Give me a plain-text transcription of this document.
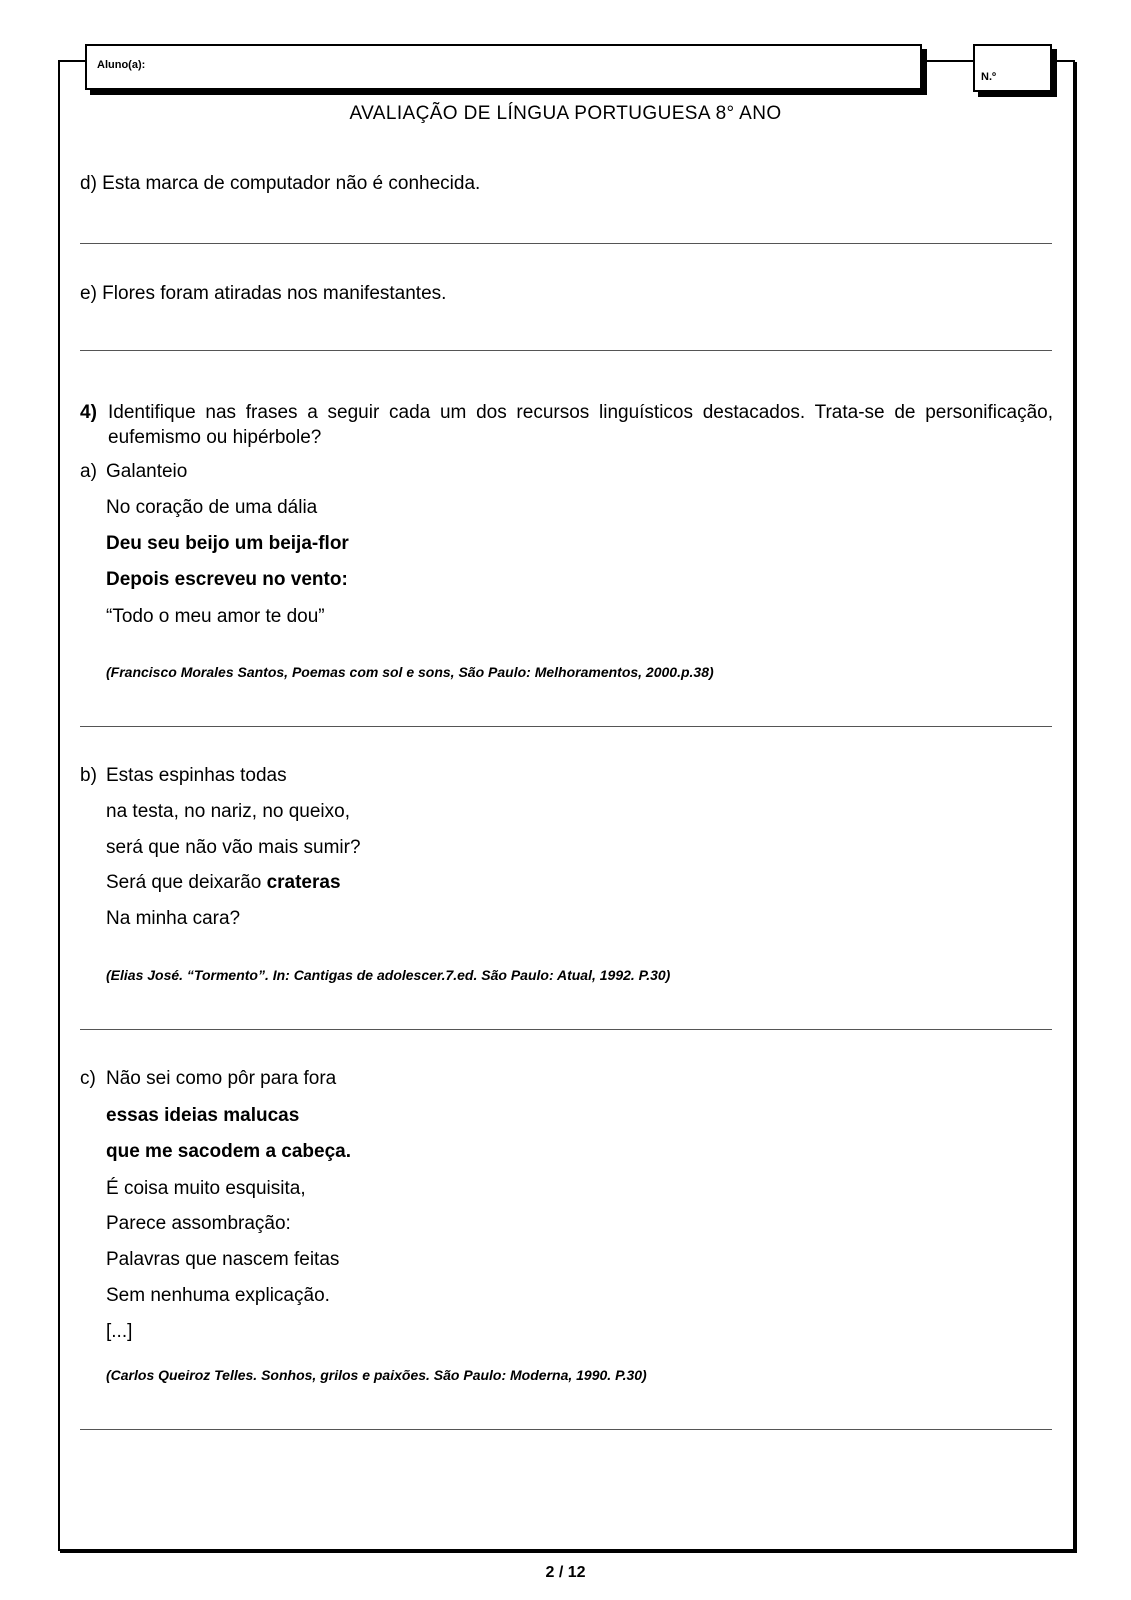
Aluno(a):
N.º
AVALIAÇÃO DE LÍNGUA PORTUGUESA 8° ANO
d) Esta marca de computador não é conhecida.
e) Flores foram atiradas nos manifestantes.
4) Identifique nas frases a seguir cada um dos recursos linguísticos destacados. Trata-se de personificação, eufemismo ou hipérbole?
a) Galanteio
No coração de uma dália
Deu seu beijo um beija-flor
Depois escreveu no vento:
“Todo o meu amor te dou”
(Francisco Morales Santos, Poemas com sol e sons, São Paulo: Melhoramentos, 2000.p.38)
b) Estas espinhas todas
na testa, no nariz, no queixo,
será que não vão mais sumir?
Será que deixarão crateras
Na minha cara?
(Elias José. “Tormento”. In: Cantigas de adolescer.7.ed. São Paulo: Atual, 1992. P.30)
c) Não sei como pôr para fora
essas ideias malucas
que me sacodem a cabeça.
É coisa muito esquisita,
Parece assombração:
Palavras que nascem feitas
Sem nenhuma explicação.
[...]
(Carlos Queiroz Telles. Sonhos, grilos e paixões. São Paulo: Moderna, 1990. P.30)
2 / 12
